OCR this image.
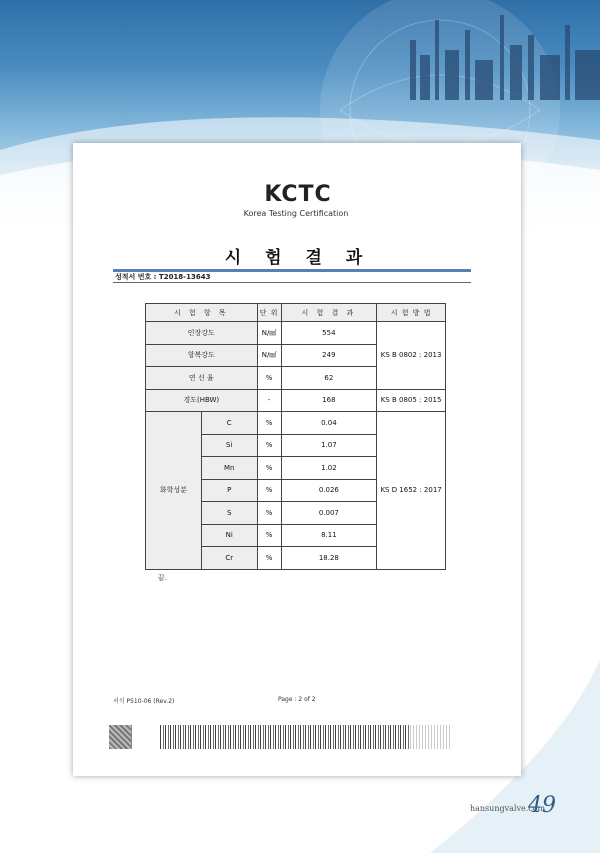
KCTC
Korea Testing Certification
시 험 결 과
성적서 번호 : T2018-13643
시 험 항 목		단 위	시 험 결 과	시 험 방 법
인장강도		N/㎟	554	KS B 0802 : 2013
항복강도		N/㎟	249	
연 신 율		%	62	
경도(HBW)		-	168	KS B 0805 : 2015
화학성분	C	%	0.04	KS D 1652 : 2017
	Si	%	1.07	
	Mn	%	1.02	
	P	%	0.026	
	S	%	0.007	
	Ni	%	8.11	
	Cr	%	18.28	
끝.
서식 P510-06 (Rev.2)	Page : 2 of 2
hansungvalve.com
49
